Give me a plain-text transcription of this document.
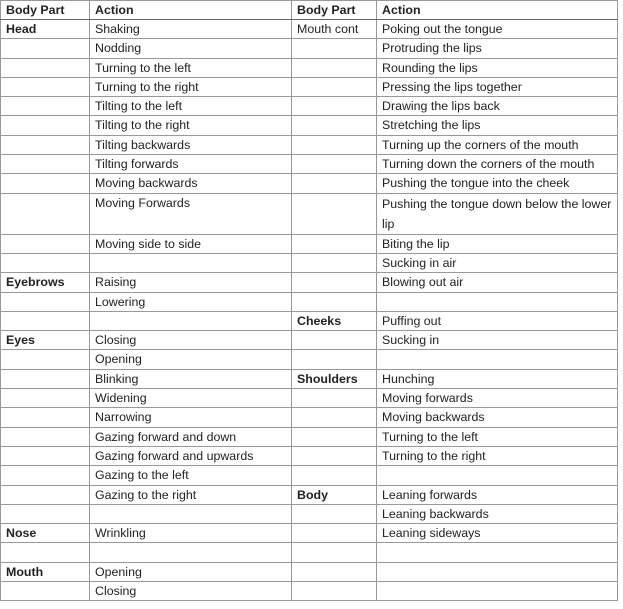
Body Part	Action	Body Part	Action
Head	Shaking	Mouth cont	Poking out the tongue
	Nodding		Protruding the lips
	Turning to the left		Rounding the lips
	Turning to the right		Pressing the lips together
	Tilting to the left		Drawing the lips back
	Tilting to the right		Stretching the lips
	Tilting backwards		Turning up the corners of the mouth
	Tilting forwards		Turning down the corners of the mouth
	Moving backwards		Pushing the tongue into the cheek
	Moving Forwards		Pushing the tongue down below the lower lip
	Moving side to side		Biting the lip
			Sucking in air
Eyebrows	Raising		Blowing out air
	Lowering		
		Cheeks	Puffing out
Eyes	Closing		Sucking in
	Opening		
	Blinking	Shoulders	Hunching
	Widening		Moving forwards
	Narrowing		Moving backwards
	Gazing forward and down		Turning to the left
	Gazing forward and upwards		Turning to the right
	Gazing to the left		
	Gazing to the right	Body	Leaning forwards
			Leaning backwards
Nose	Wrinkling		Leaning sideways

Mouth	Opening		
	Closing		
